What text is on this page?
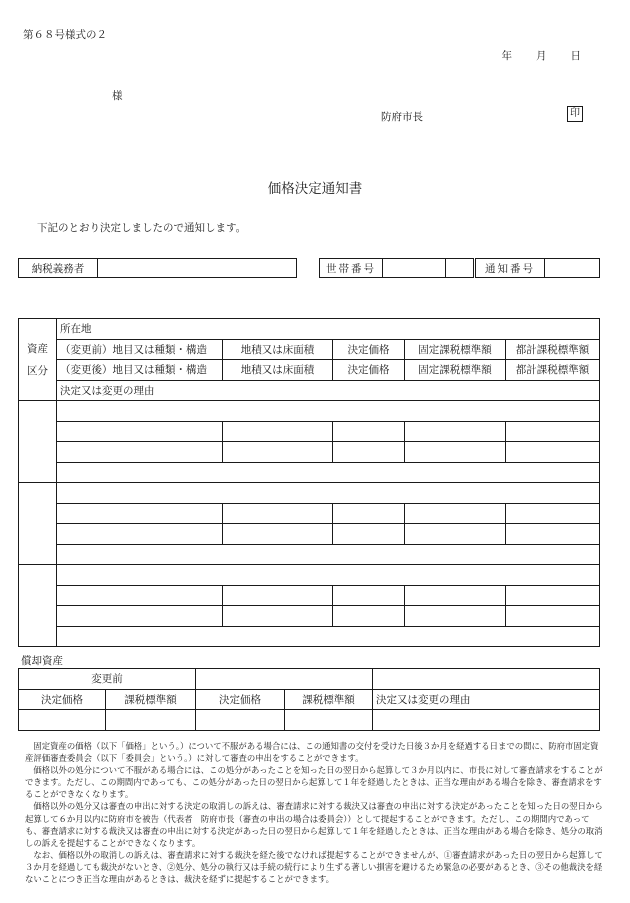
第６８号様式の２
年 月 日
様
防府市長	印
価格決定通知書
下記のとおり決定しましたので通知します。
納税義務者		世帯番号			通知番号	
資産
区分	所在地				
	（変更前）地目又は種類・構造	地積又は床面積	決定価格	固定課税標準額	都計課税標準額
	（変更後）地目又は種類・構造	地積又は床面積	決定価格	固定課税標準額	都計課税標準額
	決定又は変更の理由				

償却資産
変更前				
決定価格	課税標準額	決定価格	課税標準額	決定又は変更の理由

固定資産の価格（以下「価格」という。）について不服がある場合には、この通知書の交付を受けた日後３か月を経過する日までの間に、防府市固定資産評価審査委員会（以下「委員会」という。）に対して審査の申出をすることができます。

価格以外の処分について不服がある場合には、この処分があったことを知った日の翌日から起算して３か月以内に、市長に対して審査請求をすることができます。ただし、この期間内であっても、この処分があった日の翌日から起算して１年を経過したときは、正当な理由がある場合を除き、審査請求をすることができなくなります。

価格以外の処分又は審査の申出に対する決定の取消しの訴えは、審査請求に対する裁決又は審査の申出に対する決定があったことを知った日の翌日から起算して６か月以内に防府市を被告（代表者　防府市長（審査の申出の場合は委員会））として提起することができます。ただし、この期間内であっても、審査請求に対する裁決又は審査の申出に対する決定があった日の翌日から起算して１年を経過したときは、正当な理由がある場合を除き、処分の取消しの訴えを提起することができなくなります。

なお、価格以外の取消しの訴えは、審査請求に対する裁決を経た後でなければ提起することができませんが、①審査請求があった日の翌日から起算して３か月を経過しても裁決がないとき、②処分、処分の執行又は手続の続行により生ずる著しい損害を避けるため緊急の必要があるとき、③その他裁決を経ないことにつき正当な理由があるときは、裁決を経ずに提起することができます。
